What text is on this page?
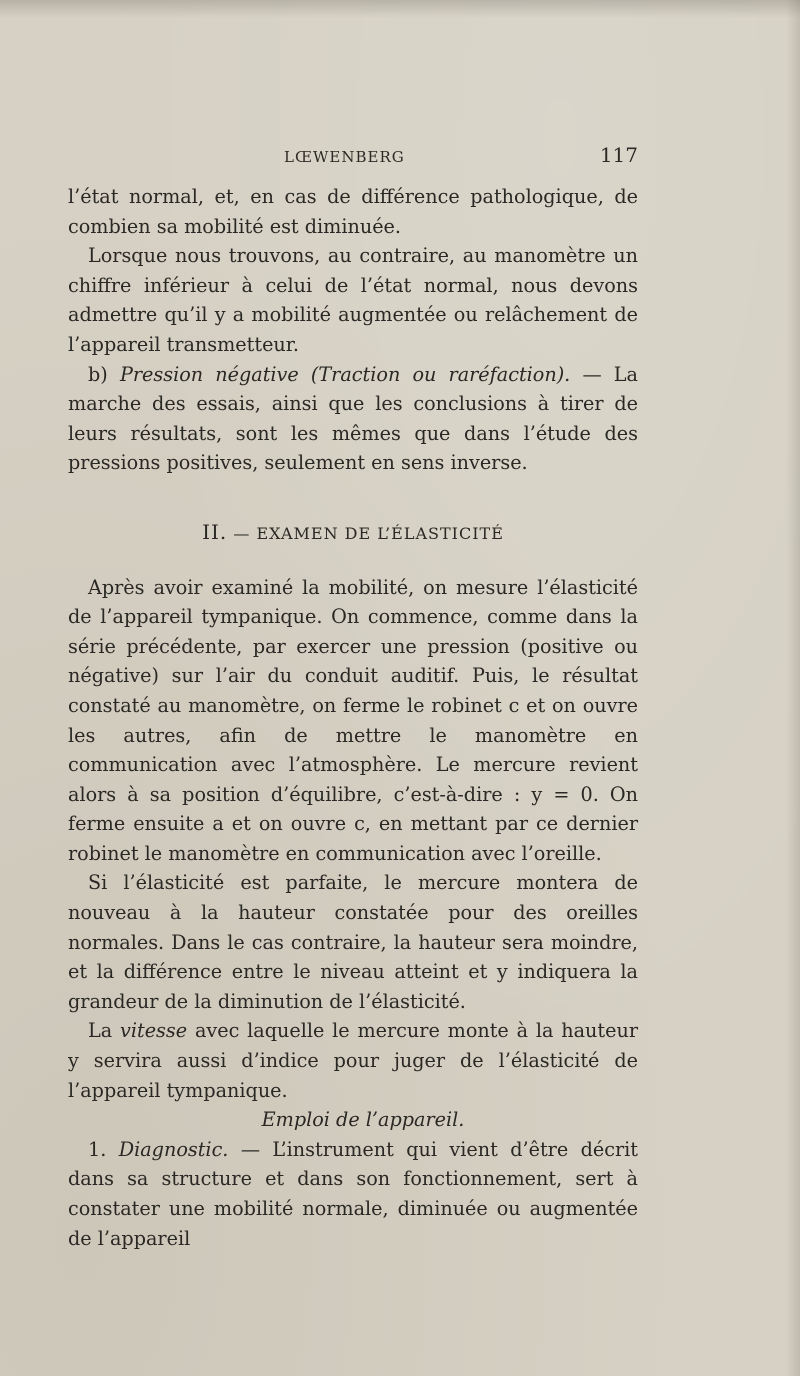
LŒWENBERG	117

l’état normal, et, en cas de différence pathologique, de combien sa mobilité est diminuée.

Lorsque nous trouvons, au contraire, au manomètre un chiffre inférieur à celui de l’état normal, nous devons admettre qu’il y a mobilité augmentée ou relâchement de l’appareil transmetteur.

b) Pression négative (Traction ou raréfaction). — La marche des essais, ainsi que les conclusions à tirer de leurs résultats, sont les mêmes que dans l’étude des pressions positives, seulement en sens inverse.

II. — EXAMEN DE L’ÉLASTICITÉ

Après avoir examiné la mobilité, on mesure l’élasticité de l’appareil tympanique. On commence, comme dans la série précédente, par exercer une pression (positive ou négative) sur l’air du conduit auditif. Puis, le résultat constaté au manomètre, on ferme le robinet c et on ouvre les autres, afin de mettre le manomètre en communication avec l’atmosphère. Le mercure revient alors à sa position d’équilibre, c’est-à-dire : y = 0. On ferme ensuite a et on ouvre c, en mettant par ce dernier robinet le manomètre en communication avec l’oreille.

Si l’élasticité est parfaite, le mercure montera de nouveau à la hauteur constatée pour des oreilles normales. Dans le cas contraire, la hauteur sera moindre, et la différence entre le niveau atteint et y indiquera la grandeur de la diminution de l’élasticité.

La vitesse avec laquelle le mercure monte à la hauteur y servira aussi d’indice pour juger de l’élasticité de l’appareil tympanique.

Emploi de l’appareil.

1. Diagnostic. — L’instrument qui vient d’être décrit dans sa structure et dans son fonctionnement, sert à constater une mobilité normale, diminuée ou augmentée de l’appareil
